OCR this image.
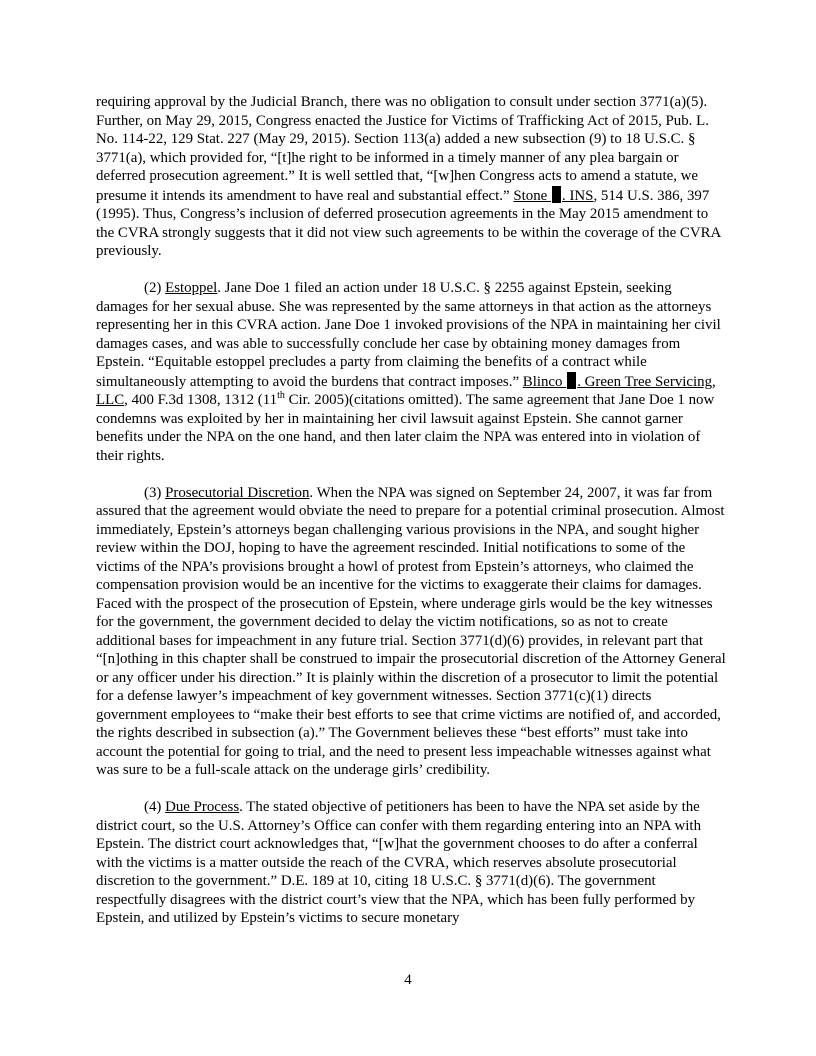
requiring approval by the Judicial Branch, there was no obligation to consult under section 3771(a)(5). Further, on May 29, 2015, Congress enacted the Justice for Victims of Trafficking Act of 2015, Pub. L. No. 114-22, 129 Stat. 227 (May 29, 2015). Section 113(a) added a new subsection (9) to 18 U.S.C. § 3771(a), which provided for, “[t]he right to be informed in a timely manner of any plea bargain or deferred prosecution agreement.” It is well settled that, “[w]hen Congress acts to amend a statute, we presume it intends its amendment to have real and substantial effect.” Stone . INS, 514 U.S. 386, 397 (1995). Thus, Congress’s inclusion of deferred prosecution agreements in the May 2015 amendment to the CVRA strongly suggests that it did not view such agreements to be within the coverage of the CVRA previously.

(2) Estoppel. Jane Doe 1 filed an action under 18 U.S.C. § 2255 against Epstein, seeking damages for her sexual abuse. She was represented by the same attorneys in that action as the attorneys representing her in this CVRA action. Jane Doe 1 invoked provisions of the NPA in maintaining her civil damages cases, and was able to successfully conclude her case by obtaining money damages from Epstein. “Equitable estoppel precludes a party from claiming the benefits of a contract while simultaneously attempting to avoid the burdens that contract imposes.” Blinco . Green Tree Servicing, LLC, 400 F.3d 1308, 1312 (11th Cir. 2005)(citations omitted). The same agreement that Jane Doe 1 now condemns was exploited by her in maintaining her civil lawsuit against Epstein. She cannot garner benefits under the NPA on the one hand, and then later claim the NPA was entered into in violation of their rights.

(3) Prosecutorial Discretion. When the NPA was signed on September 24, 2007, it was far from assured that the agreement would obviate the need to prepare for a potential criminal prosecution. Almost immediately, Epstein’s attorneys began challenging various provisions in the NPA, and sought higher review within the DOJ, hoping to have the agreement rescinded. Initial notifications to some of the victims of the NPA’s provisions brought a howl of protest from Epstein’s attorneys, who claimed the compensation provision would be an incentive for the victims to exaggerate their claims for damages. Faced with the prospect of the prosecution of Epstein, where underage girls would be the key witnesses for the government, the government decided to delay the victim notifications, so as not to create additional bases for impeachment in any future trial. Section 3771(d)(6) provides, in relevant part that “[n]othing in this chapter shall be construed to impair the prosecutorial discretion of the Attorney General or any officer under his direction.” It is plainly within the discretion of a prosecutor to limit the potential for a defense lawyer’s impeachment of key government witnesses. Section 3771(c)(1) directs government employees to “make their best efforts to see that crime victims are notified of, and accorded, the rights described in subsection (a).” The Government believes these “best efforts” must take into account the potential for going to trial, and the need to present less impeachable witnesses against what was sure to be a full-scale attack on the underage girls’ credibility.

(4) Due Process. The stated objective of petitioners has been to have the NPA set aside by the district court, so the U.S. Attorney’s Office can confer with them regarding entering into an NPA with Epstein. The district court acknowledges that, “[w]hat the government chooses to do after a conferral with the victims is a matter outside the reach of the CVRA, which reserves absolute prosecutorial discretion to the government.” D.E. 189 at 10, citing 18 U.S.C. § 3771(d)(6). The government respectfully disagrees with the district court’s view that the NPA, which has been fully performed by Epstein, and utilized by Epstein’s victims to secure monetary

4
